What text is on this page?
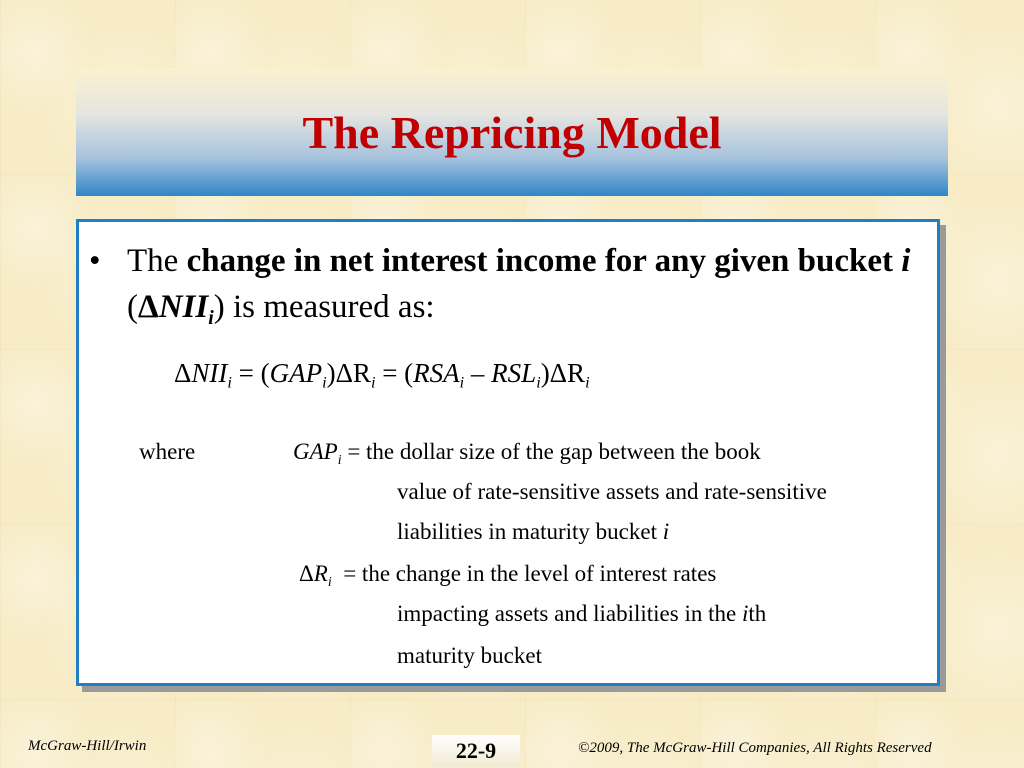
The Repricing Model
• The change in net interest income for any given bucket i $(\Delta NII_i)$ is measured as:
$\Delta NII_i = (GAP_i)\Delta R_i = (RSA_i - RSL_i)\Delta R_i$
where	$GAP_i$ = the dollar size of the gap between the book
value of rate-sensitive assets and rate-sensitive
liabilities in maturity bucket i
$\Delta R_i$ = the change in the level of interest rates
impacting assets and liabilities in the ith
maturity bucket
McGraw-Hill/Irwin	22-9	©2009, The McGraw-Hill Companies, All Rights Reserved
